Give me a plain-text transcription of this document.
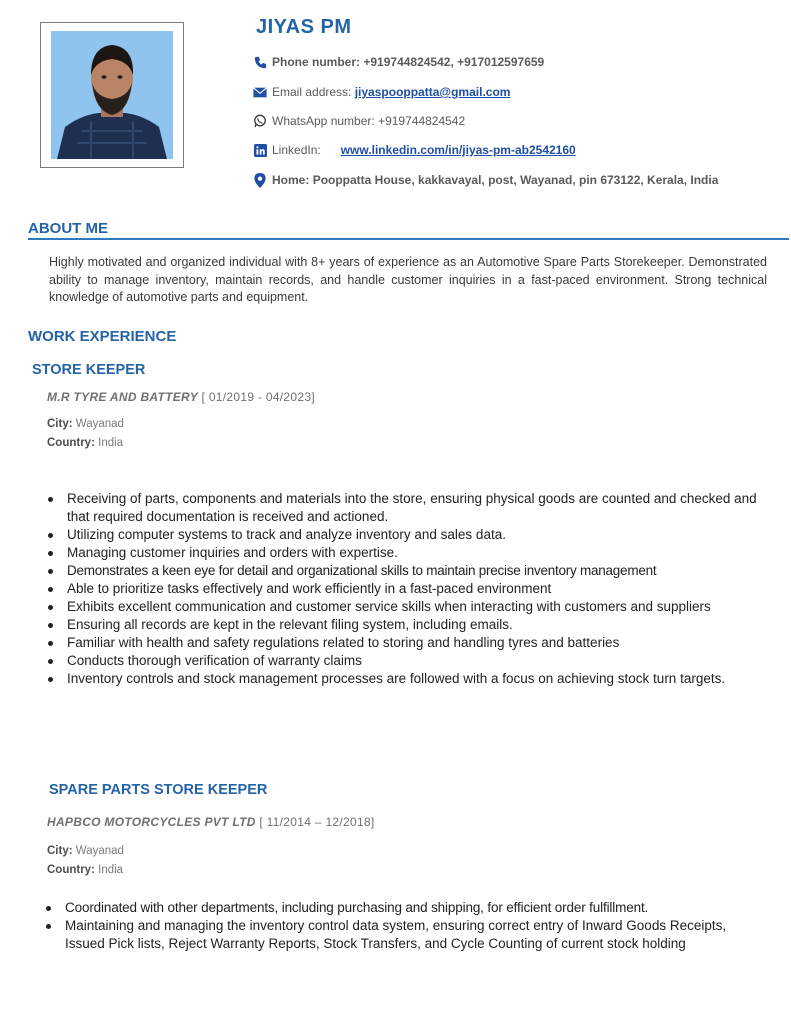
JIYAS PM
Phone number:
+919744824542, +917012597659
Email address:
jiyaspooppatta@gmail.com
WhatsApp number:
+919744824542
LinkedIn:
www.linkedin.com/in/jiyas-pm-ab2542160
Home:
Pooppatta House, kakkavayal, post, Wayanad, pin 673122, Kerala, India
ABOUT ME
Highly motivated and organized individual with 8+ years of experience as an Automotive Spare Parts Storekeeper. Demonstrated ability to manage inventory, maintain records, and handle customer inquiries in a fast-paced environment. Strong technical knowledge of automotive parts and equipment.
WORK EXPERIENCE
STORE KEEPER
M.R TYRE AND BATTERY [ 01/2019 - 04/2023]
City: Wayanad
Country: India
Receiving of parts, components and materials into the store, ensuring physical goods are counted and checked and that required documentation is received and actioned.
Utilizing computer systems to track and analyze inventory and sales data.
Managing customer inquiries and orders with expertise.
Demonstrates a keen eye for detail and organizational skills to maintain precise inventory management
Able to prioritize tasks effectively and work efficiently in a fast-paced environment
Exhibits excellent communication and customer service skills when interacting with customers and suppliers
Ensuring all records are kept in the relevant filing system, including emails.
Familiar with health and safety regulations related to storing and handling tyres and batteries
Conducts thorough verification of warranty claims
Inventory controls and stock management processes are followed with a focus on achieving stock turn targets.
SPARE PARTS STORE KEEPER
HAPBCO MOTORCYCLES PVT LTD [ 11/2014 – 12/2018]
City: Wayanad
Country: India
Coordinated with other departments, including purchasing and shipping, for efficient order fulfillment.
Maintaining and managing the inventory control data system, ensuring correct entry of Inward Goods Receipts, Issued Pick lists, Reject Warranty Reports, Stock Transfers, and Cycle Counting of current stock holding
